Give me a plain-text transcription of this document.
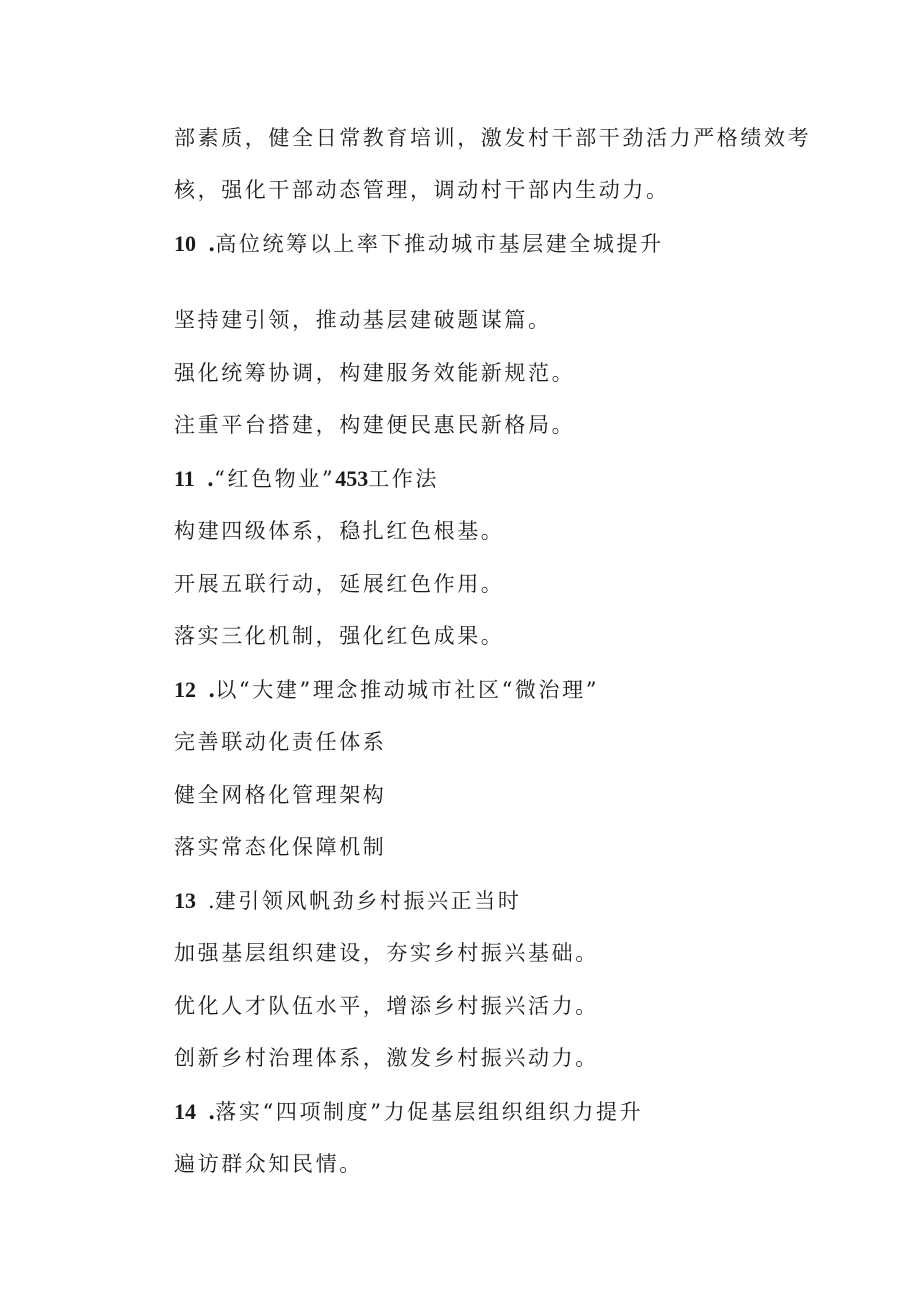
部素质，健全日常教育培训，激发村干部干劲活力严格绩效考
核，强化干部动态管理，调动村干部内生动力。
10 .高位统筹以上率下推动城市基层建全城提升
坚持建引领，推动基层建破题谋篇。
强化统筹协调，构建服务效能新规范。
注重平台搭建，构建便民惠民新格局。
11 .“红色物业”453工作法
构建四级体系，稳扎红色根基。
开展五联行动，延展红色作用。
落实三化机制，强化红色成果。
12 .以“大建”理念推动城市社区“微治理”
完善联动化责任体系
健全网格化管理架构
落实常态化保障机制
13 .建引领风帆劲乡村振兴正当时
加强基层组织建设，夯实乡村振兴基础。
优化人才队伍水平，增添乡村振兴活力。
创新乡村治理体系，激发乡村振兴动力。
14 .落实“四项制度”力促基层组织组织力提升
遍访群众知民情。
